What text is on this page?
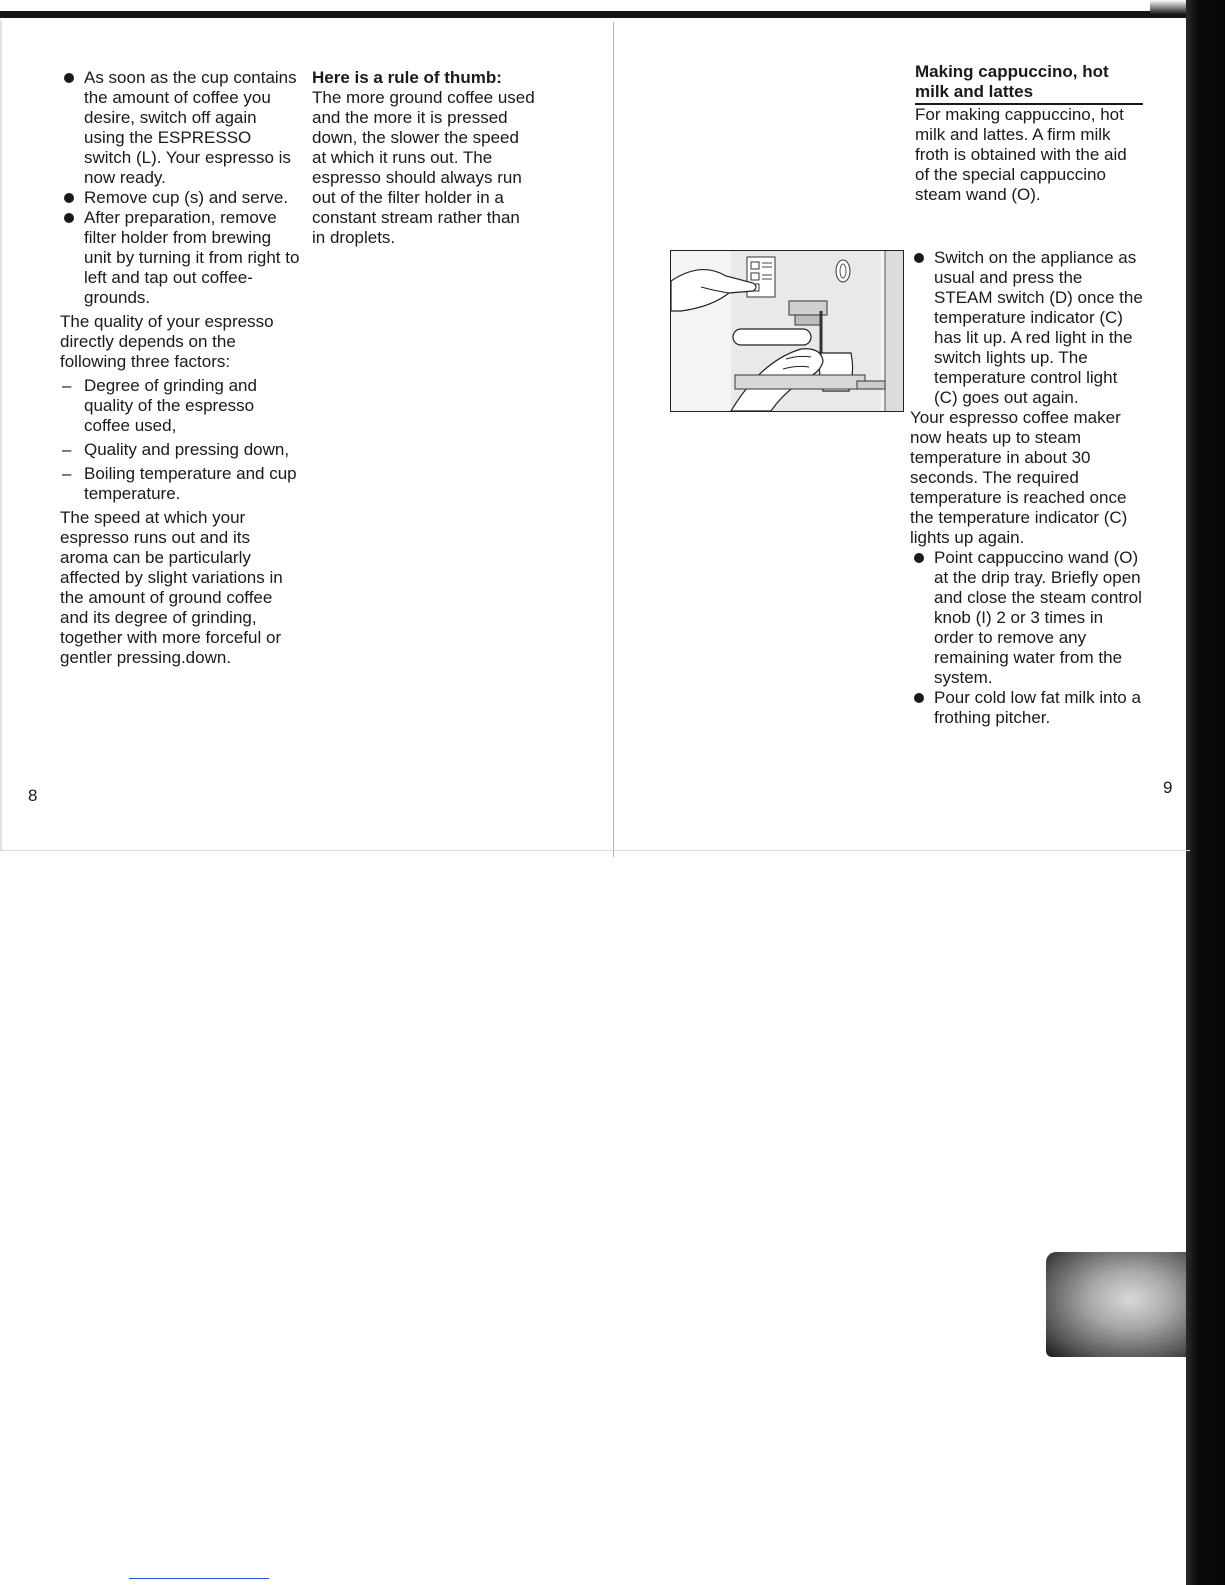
As soon as the cup contains the amount of coffee you desire, switch off again using the ESPRESSO switch (L). Your espresso is now ready.

Remove cup (s) and serve.

After preparation, remove filter holder from brewing unit by turning it from right to left and tap out coffee-grounds.

The quality of your espresso directly depends on the following three factors:

– Degree of grinding and quality of the espresso coffee used,

– Quality and pressing down,

– Boiling temperature and cup temperature.

The speed at which your espresso runs out and its aroma can be particularly affected by slight variations in the amount of ground coffee and its degree of grinding, together with more forceful or gentler pressing.down.

Here is a rule of thumb:

The more ground coffee used and the more it is pressed down, the slower the speed at which it runs out. The espresso should always run out of the filter holder in a constant stream rather than in droplets.

8

Making cappuccino, hot milk and lattes

For making cappuccino, hot milk and lattes. A firm milk froth is obtained with the aid of the special cappuccino steam wand (O).

Switch on the appliance as usual and press the STEAM switch (D) once the temperature indicator (C) has lit up. A red light in the switch lights up. The temperature control light (C) goes out again.

Your espresso coffee maker now heats up to steam temperature in about 30 seconds. The required temperature is reached once the temperature indicator (C) lights up again.

Point cappuccino wand (O) at the drip tray. Briefly open and close the steam control knob (I) 2 or 3 times in order to remove any remaining water from the system.

Pour cold low fat milk into a frothing pitcher.

9
